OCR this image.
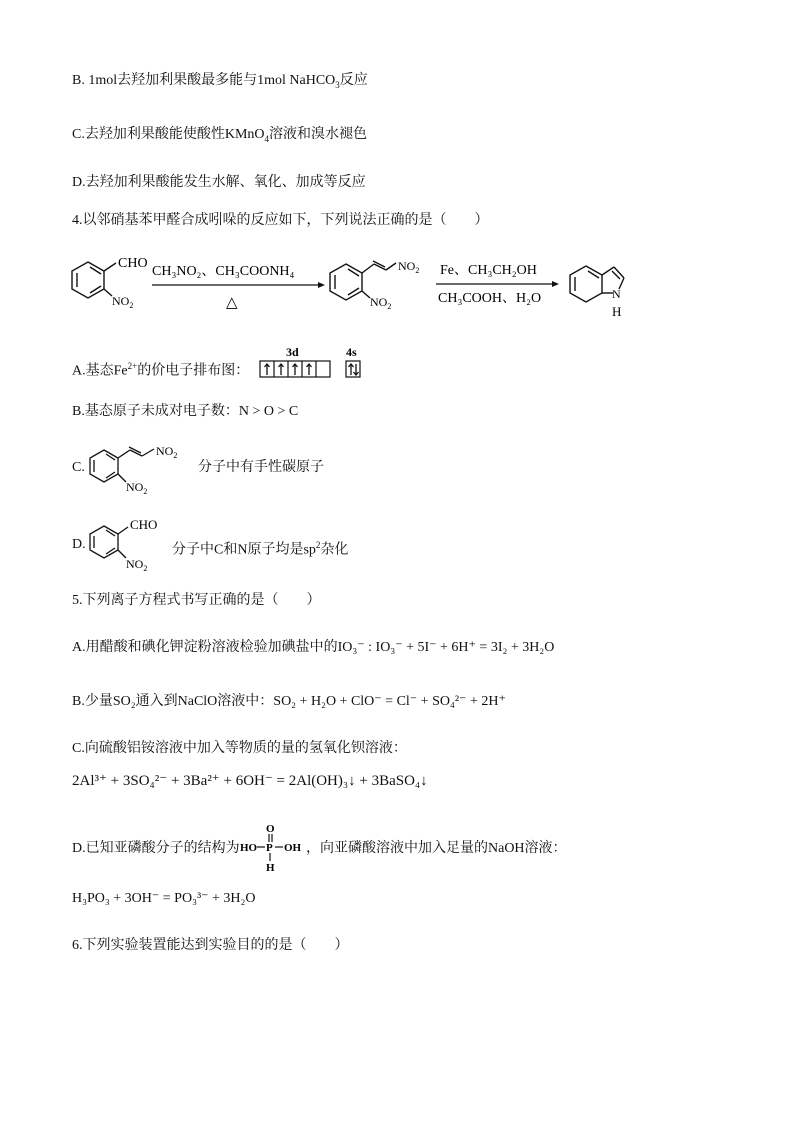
B. 1mol去羟加利果酸最多能与1mol NaHCO$_3$反应
C.去羟加利果酸能使酸性KMnO$_4$溶液和溴水褪色
D.去羟加利果酸能发生水解、氧化、加成等反应
4.以邻硝基苯甲醛合成吲哚的反应如下，下列说法正确的是（　　）
CHO
$NO_2$
CH₃NO₂、CH₃COONH₄
△
$NO_2$
$NO_2$
Fe、CH₃CH₂OH
CH₃COOH、H₂O	N
H
A.基态$Fe^{2+}$的价电子排布图：
3d	4s
B.基态原子未成对电子数：N > O > C
C.
$NO_2$
$NO_2$
分子中有手性碳原子
D.
CHO
$NO_2$
分子中C和N原子均是$sp^2$杂化
5.下列离子方程式书写正确的是（　　）
A.用醋酸和碘化钾淀粉溶液检验加碘盐中的IO₃⁻ : IO₃⁻ + 5I⁻ + 6H⁺ = 3I₂ + 3H₂O
B.少量SO₂通入到NaClO溶液中：SO₂ + H₂O + ClO⁻ = Cl⁻ + SO₄²⁻ + 2H⁺
C.向硫酸铝铵溶液中加入等物质的量的氢氧化钡溶液：
2Al³⁺ + 3SO₄²⁻ + 3Ba²⁺ + 6OH⁻ = 2Al(OH)₃↓ + 3BaSO₄↓
D.已知亚磷酸分子的结构为
O
HO P OH
H
，向亚磷酸溶液中加入足量的NaOH溶液：
H₃PO₃ + 3OH⁻ = PO₃³⁻ + 3H₂O
6.下列实验装置能达到实验目的的是（　　）
